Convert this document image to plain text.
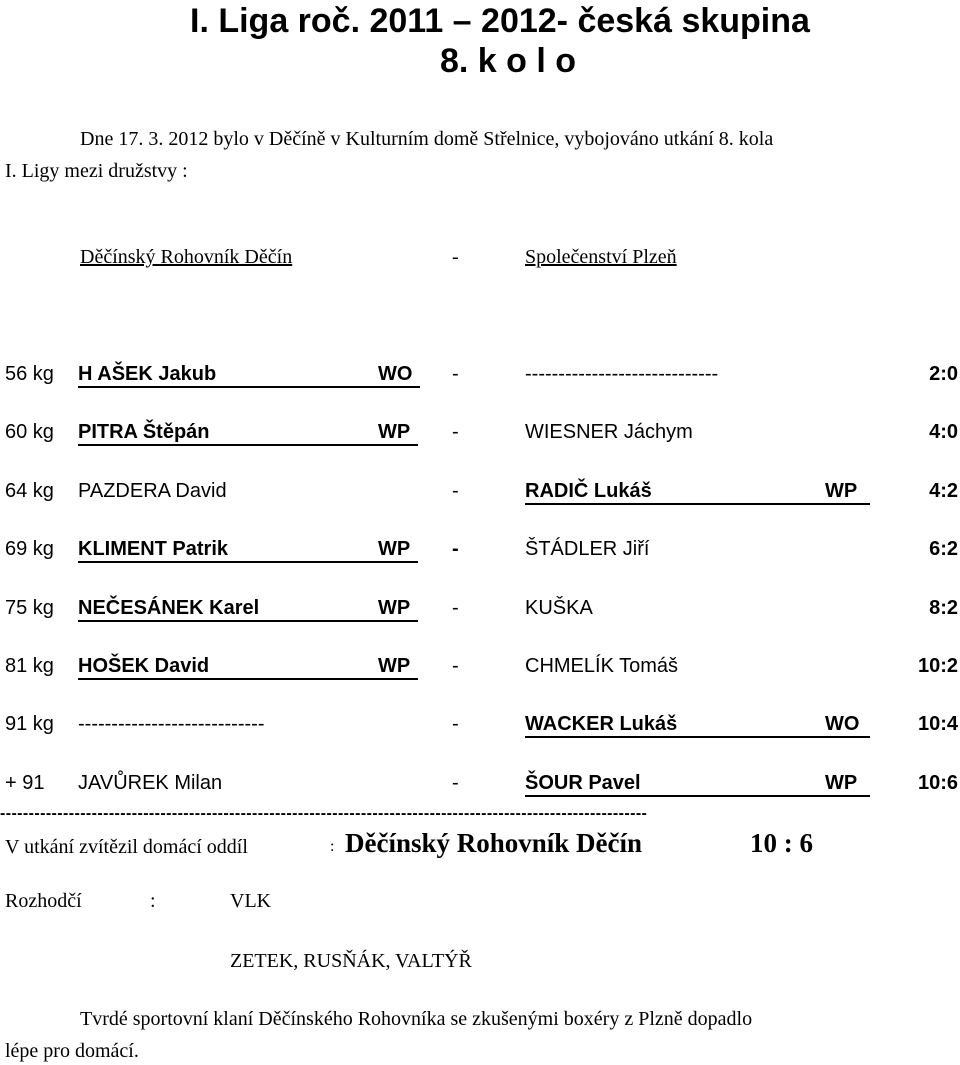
I. Liga roč. 2011 – 2012- česká skupina
8. k o l o
Dne 17. 3. 2012 bylo v Děčíně v Kulturním domě Střelnice, vybojováno utkání 8. kola
I. Ligy mezi družstvy :
Děčínský Rohovník Děčín	-	Společenství Plzeň
56 kg H AŠEK Jakub	WO -	-----------------------------	2:0
60 kg PITRA Štěpán	WP -	WIESNER Jáchym	4:0
64 kg PAZDERA David	-	RADIČ Lukáš	WP	4:2
69 kg KLIMENT Patrik	WP -	ŠTÁDLER Jiří	6:2
75 kg NEČESÁNEK Karel	WP -	KUŠKA	8:2
81 kg HOŠEK David	WP -	CHMELÍK Tomáš	10:2
91 kg ----------------------------	-	WACKER Lukáš	WO	10:4
+ 91 JAVŮREK Milan	-	ŠOUR Pavel	WP	10:6
-----------------------------------------------------------------------------------------------------------------
V utkání zvítězil domácí oddíl	: Děčínský Rohovník Děčín	10 : 6
Rozhodčí	:	VLK
ZETEK, RUSŇÁK, VALTÝŘ
Tvrdé sportovní klaní Děčínského Rohovníka se zkušenými boxéry z Plzně dopadlo
lépe pro domácí.
